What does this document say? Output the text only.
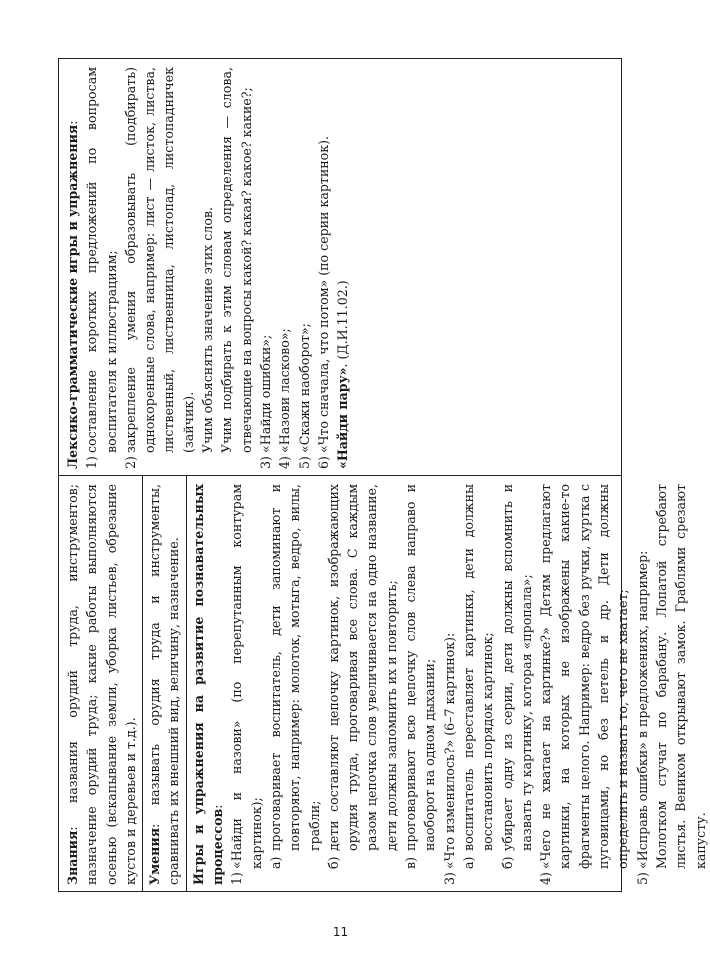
Знания: названия орудий труда, инструментов; назначение орудий труда; какие работы выполняются осенью (вскапывание земли, уборка листьев, обрезание кустов и деревьев и т.д.). Умения: называть орудия труда и инструменты, сравнивать их внешний вид, величину, назначение. Игры и упражнения на развитие познавательных процессов:

1)
«Найди и назови» (по перепутанным контурам картинок); а)
проговаривает воспитатель, дети запоминают и повторяют, например: молоток, мотыга, ведро, вилы, грабли;
б)
дети составляют цепочку картинок, изображающих орудия труда, проговаривая все слова. С каждым разом цепочка слов увеличивается на одно название, дети должны запомнить их и повторить;
в)
проговаривают всю цепочку слов слева направо и наоборот на одном дыхании;
3)
«Что изменилось?» (6–7 картинок): а)
воспитатель переставляет картинки, дети должны восстановить порядок картинок;
б)
убирает одну из серии, дети должны вспомнить и назвать ту картинку, которая «пропала»;
4)
«Чего не хватает на картинке?» Детям предлагают картинки, на которых не изображены какие-то фрагменты целого. Например: ведро без ручки, куртка с пуговицами, но без петель и др. Дети должны определить и назвать то, чего не хватает;
5)
«Исправь ошибки» в предложениях, например: Молотком стучат по барабану. Лопатой сгребают листья. Веником открывают замок. Граблями срезают капусту.

Лексико-грамматические игры и упражнения:

1)
составление коротких предложений по вопросам воспитателя к иллюстрациям;
2)
закрепление умения образовывать (подбирать) однокоренные слова, например: лист — листок, листва, лиственный, лиственница, листопад, листопадничек (зайчик). Учим объяснять значение этих слов. Учим подбирать к этим словам определения — слова, отвечающие на вопросы какой? какая? какое? какие?;

3)
«Найди ошибки»;
4)
«Назови ласково»;
5)
«Скажи наоборот»;
6)
«Что сначала, что потом» (по серии картинок). «Найди пару». (Д.И.11.02.)

11
